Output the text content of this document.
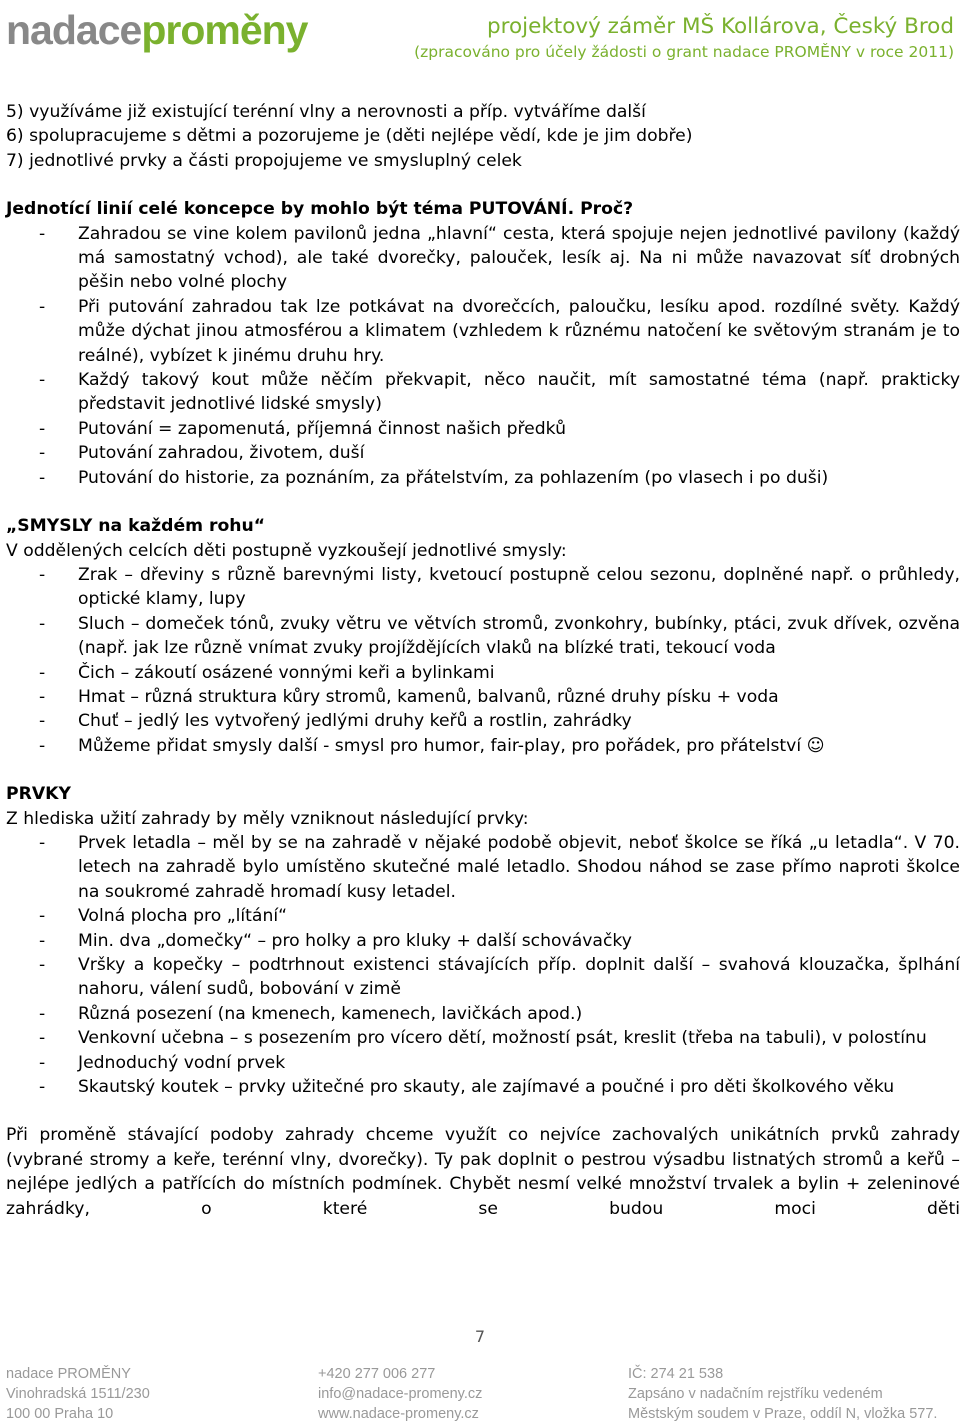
nadaceproměny	projektový záměr MŠ Kollárova, Český Brod
(zpracováno pro účely žádosti o grant nadace PROMĚNY v roce 2011)

5) využíváme již existující terénní vlny a nerovnosti a příp. vytváříme další

6) spolupracujeme s dětmi a pozorujeme je (děti nejlépe vědí, kde je jim dobře)

7) jednotlivé prvky a části propojujeme ve smysluplný celek

Jednotící linií celé koncepce by mohlo být téma PUTOVÁNÍ. Proč?

- Zahradou se vine kolem pavilonů jedna „hlavní“ cesta, která spojuje nejen jednotlivé pavilony (každý má samostatný vchod), ale také dvorečky, palouček, lesík aj. Na ni může navazovat síť drobných pěšin nebo volné plochy
- Při putování zahradou tak lze potkávat na dvorečcích, paloučku, lesíku apod. rozdílné světy. Každý může dýchat jinou atmosférou a klimatem (vzhledem k různému natočení ke světovým stranám je to reálné), vybízet k jinému druhu hry.
- Každý takový kout může něčím překvapit, něco naučit, mít samostatné téma (např. prakticky představit jednotlivé lidské smysly)
- Putování = zapomenutá, příjemná činnost našich předků
- Putování zahradou, životem, duší
- Putování do historie, za poznáním, za přátelstvím, za pohlazením (po vlasech i po duši)

„SMYSLY na každém rohu“

V oddělených celcích děti postupně vyzkoušejí jednotlivé smysly:

- Zrak – dřeviny s různě barevnými listy, kvetoucí postupně celou sezonu, doplněné např. o průhledy, optické klamy, lupy
- Sluch – domeček tónů, zvuky větru ve větvích stromů, zvonkohry, bubínky, ptáci, zvuk dřívek, ozvěna (např. jak lze různě vnímat zvuky projíždějících vlaků na blízké trati, tekoucí voda
- Čich – zákoutí osázené vonnými keři a bylinkami
- Hmat – různá struktura kůry stromů, kamenů, balvanů, různé druhy písku + voda
- Chuť – jedlý les vytvořený jedlými druhy keřů a rostlin, zahrádky
- Můžeme přidat smysly další - smysl pro humor, fair-play, pro pořádek, pro přátelství ☺

PRVKY

Z hlediska užití zahrady by měly vzniknout následující prvky:

- Prvek letadla – měl by se na zahradě v nějaké podobě objevit, neboť školce se říká „u letadla“. V 70. letech na zahradě bylo umístěno skutečné malé letadlo. Shodou náhod se zase přímo naproti školce na soukromé zahradě hromadí kusy letadel.
- Volná plocha pro „lítání“
- Min. dva „domečky“ – pro holky a pro kluky + další schovávačky
- Vršky a kopečky – podtrhnout existenci stávajících příp. doplnit další – svahová klouzačka, šplhání nahoru, válení sudů, bobování v zimě
- Různá posezení (na kmenech, kamenech, lavičkách apod.)
- Venkovní učebna – s posezením pro vícero dětí, možností psát, kreslit (třeba na tabuli), v polostínu
- Jednoduchý vodní prvek
- Skautský koutek – prvky užitečné pro skauty, ale zajímavé a poučné i pro děti školkového věku

Při proměně stávající podoby zahrady chceme využít co nejvíce zachovalých unikátních prvků zahrady (vybrané stromy a keře, terénní vlny, dvorečky). Ty pak doplnit o pestrou výsadbu listnatých stromů a keřů – nejlépe jedlých a patřících do místních podmínek. Chybět nesmí velké množství trvalek a bylin + zeleninové zahrádky, o které se budou moci děti

7
nadace PROMĚNY
Vinohradská 1511/230
100 00 Praha 10
+420 277 006 277
info@nadace-promeny.cz
www.nadace-promeny.cz
IČ: 274 21 538
Zapsáno v nadačním rejstříku vedeném
Městským soudem v Praze, oddíl N, vložka 577.
